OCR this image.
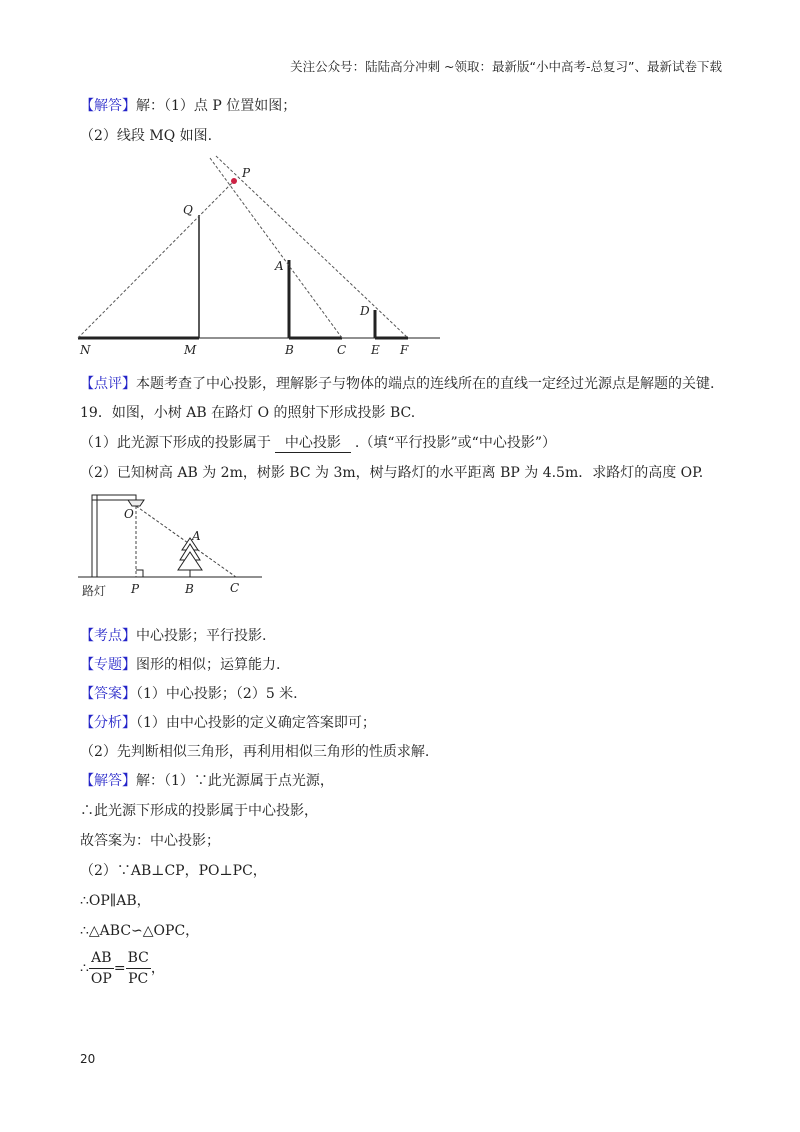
关注公众号：陆陆高分冲刺 ~领取：最新版“小中高考-总复习”、最新试卷下载
【解答】解：（1）点 P 位置如图；
（2）线段 MQ 如图.
P
Q
A
D
N	M	B	C E F
【点评】本题考查了中心投影，理解影子与物体的端点的连线所在的直线一定经过光源点是解题的关键.
19．如图，小树 AB 在路灯 O 的照射下形成投影 BC.
（1）此光源下形成的投影属于 中心投影 .（填“平行投影”或“中心投影”）
（2）已知树高 AB 为 2m，树影 BC 为 3m，树与路灯的水平距离 BP 为 4.5m．求路灯的高度 OP.
O
A
P	B	C
路灯
【考点】中心投影；平行投影.
【专题】图形的相似；运算能力.
【答案】（1）中心投影；（2）5 米.
【分析】（1）由中心投影的定义确定答案即可；
（2）先判断相似三角形，再利用相似三角形的性质求解.
【解答】解：（1）∵此光源属于点光源，
∴此光源下形成的投影属于中心投影，
故答案为：中心投影；
（2）∵AB⊥CP，PO⊥PC，
∴OP∥AB，
∴△ABC∽△OPC，
∴ $\frac{AB}{OP} = \frac{BC}{PC}$ ，
20
